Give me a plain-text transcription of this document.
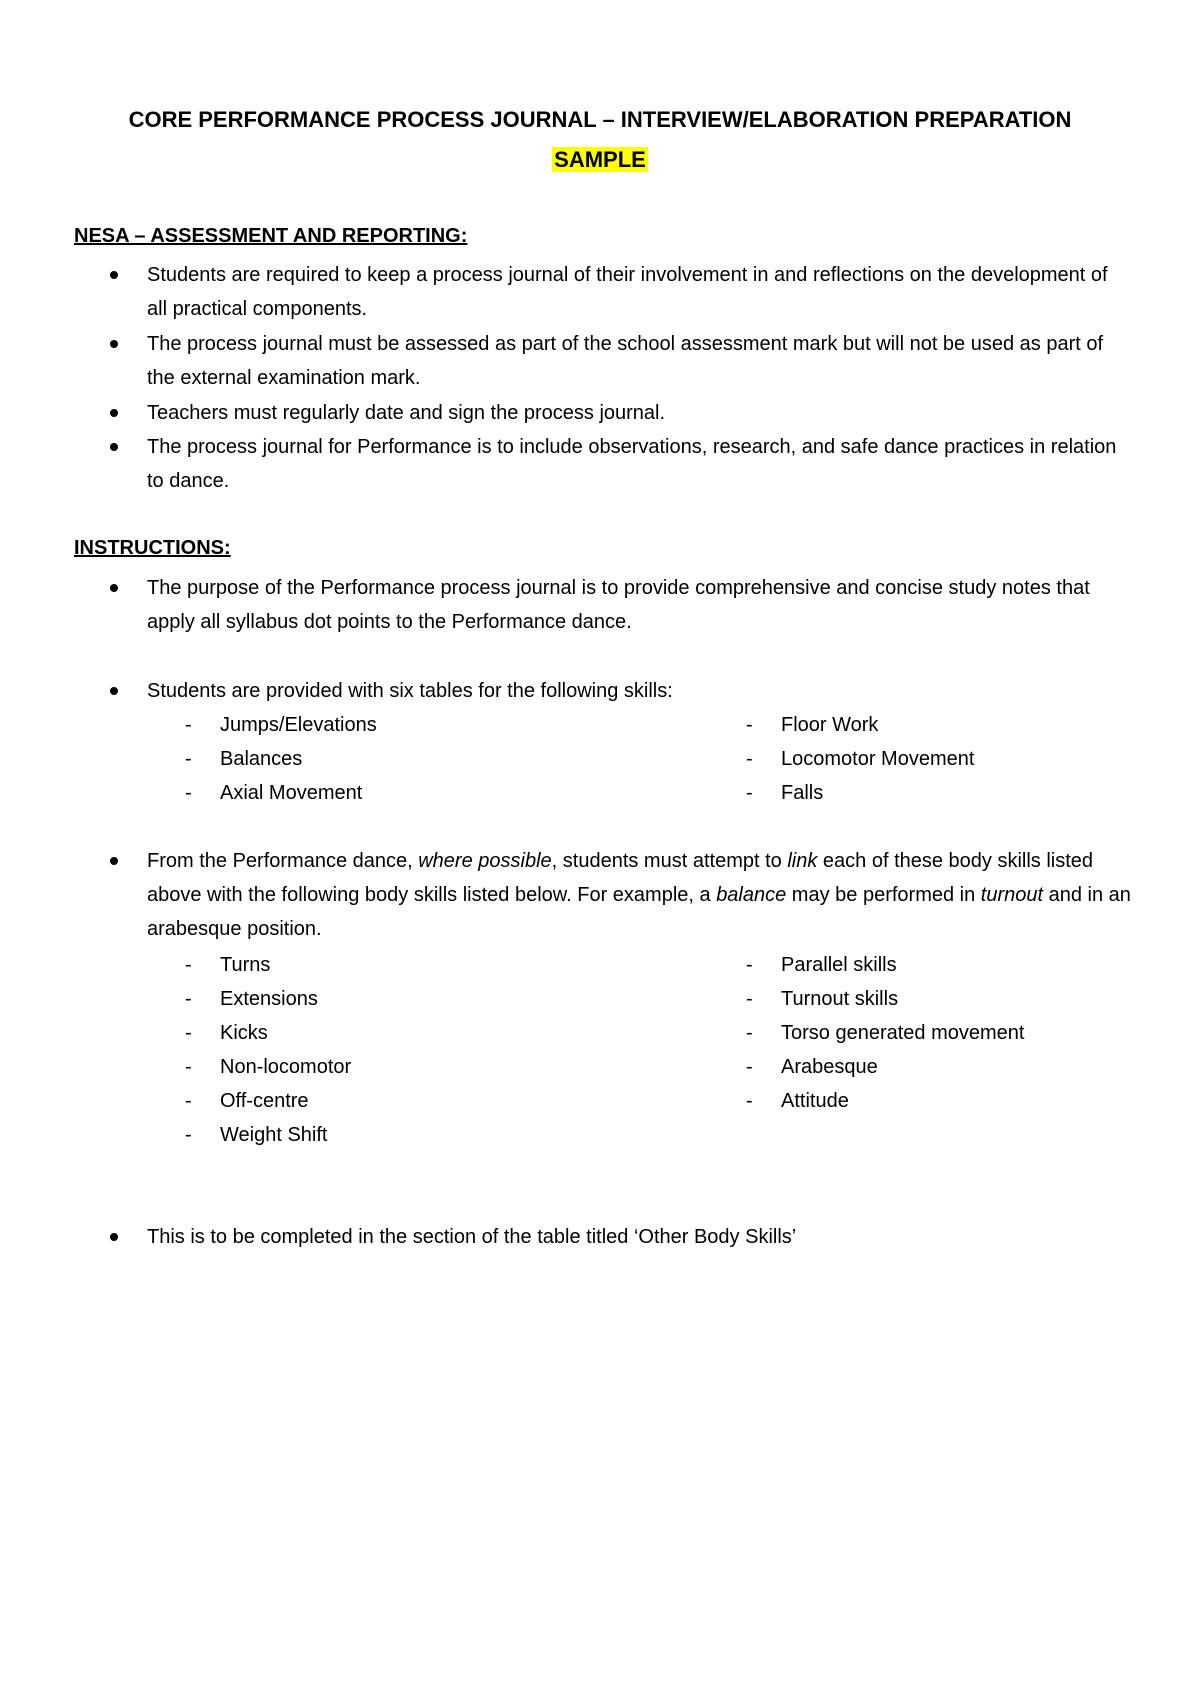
CORE PERFORMANCE PROCESS JOURNAL – INTERVIEW/ELABORATION PREPARATION
SAMPLE
NESA – ASSESSMENT AND REPORTING:
Students are required to keep a process journal of their involvement in and reflections on the development of all practical components.
The process journal must be assessed as part of the school assessment mark but will not be used as part of the external examination mark.
Teachers must regularly date and sign the process journal.
The process journal for Performance is to include observations, research, and safe dance practices in relation to dance.
INSTRUCTIONS:
The purpose of the Performance process journal is to provide comprehensive and concise study notes that apply all syllabus dot points to the Performance dance.
Students are provided with six tables for the following skills:
- Jumps/Elevations
- Balances
- Axial Movement
- Floor Work
- Locomotor Movement
- Falls
From the Performance dance, where possible, students must attempt to link each of these body skills listed above with the following body skills listed below. For example, a balance may be performed in turnout and in an arabesque position.
- Turns
- Extensions
- Kicks
- Non-locomotor
- Off-centre
- Weight Shift
- Parallel skills
- Turnout skills
- Torso generated movement
- Arabesque
- Attitude
This is to be completed in the section of the table titled ‘Other Body Skills’
